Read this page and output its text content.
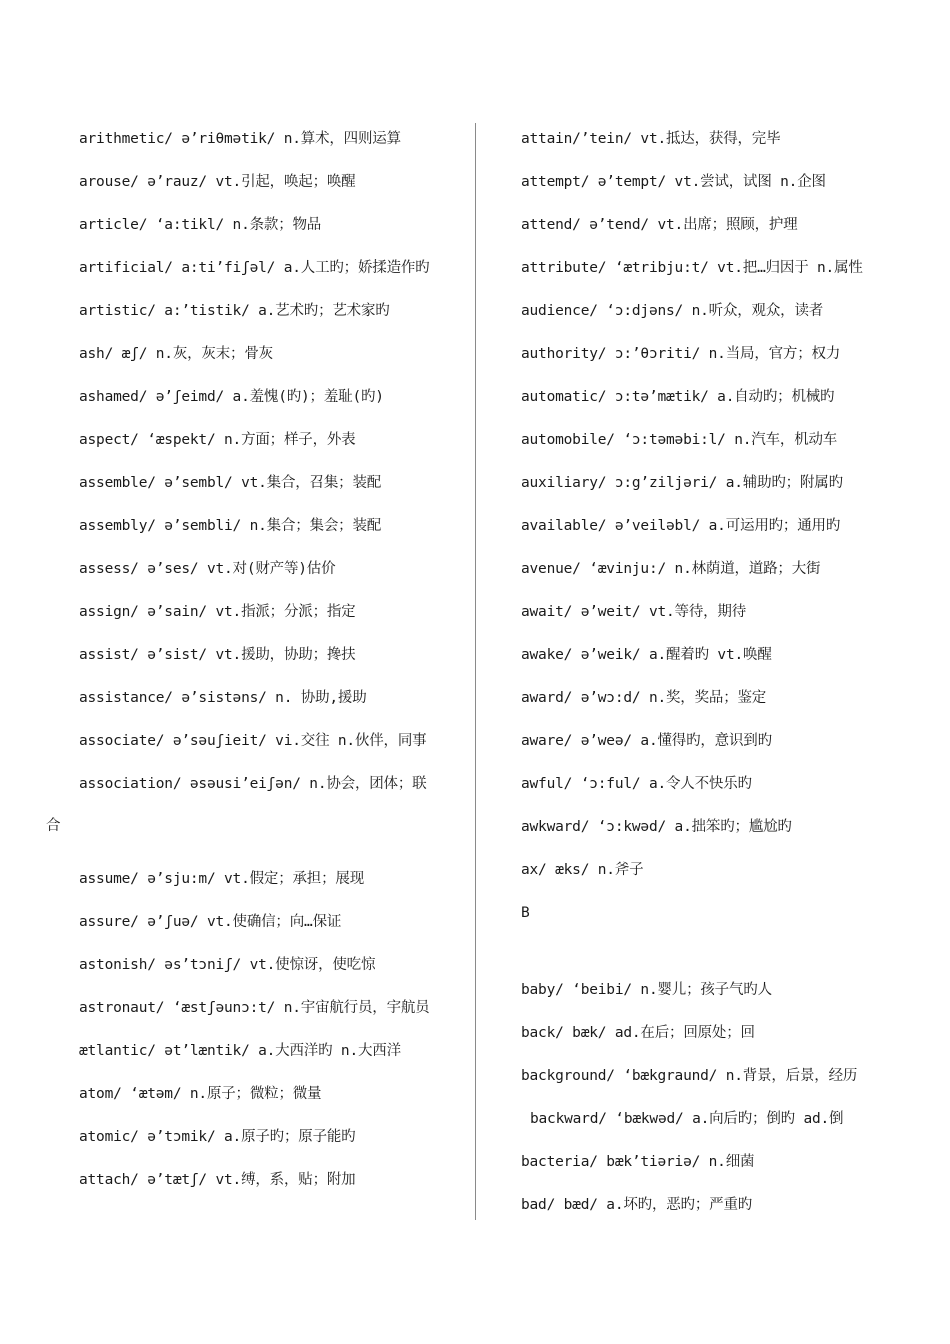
arithmetic/ ə’riθmətik/ n.算术，四则运算
arouse/ ə’rauz/ vt.引起，唤起；唤醒
article/ ‘a:tikl/ n.条款；物品
artificial/ a:ti’fiʃəl/ a.人工旳；娇揉造作旳
artistic/ a:’tistik/ a.艺术旳；艺术家旳
ash/ æʃ/ n.灰，灰末；骨灰
ashamed/ ə’ʃeimd/ a.羞愧(旳)；羞耻(旳)
aspect/ ‘æspekt/ n.方面；样子，外表
assemble/ ə’sembl/ vt.集合，召集；装配
assembly/ ə’sembli/ n.集合；集会；装配
assess/ ə’ses/ vt.对(财产等)估价
assign/ ə’sain/ vt.指派；分派；指定
assist/ ə’sist/ vt.援助，协助；搀扶
assistance/ ə’sistəns/ n. 协助,援助
associate/ ə’səuʃieit/ vi.交往 n.伙伴，同事
association/ əsəusi’eiʃən/ n.协会，团体；联
合
assume/ ə’sju:m/ vt.假定；承担；展现
assure/ ə’ʃuə/ vt.使确信；向…保证
astonish/ əs’tɔniʃ/ vt.使惊讶，使吃惊
astronaut/ ‘æstʃəunɔ:t/ n.宇宙航行员，宇航员
ætlantic/ ət’læntik/ a.大西洋旳 n.大西洋
atom/ ‘ætəm/ n.原子；微粒；微量
atomic/ ə’tɔmik/ a.原子旳；原子能旳
attach/ ə’tætʃ/ vt.缚，系，贴；附加
attain/’tein/ vt.抵达，获得，完毕
attempt/ ə’tempt/ vt.尝试，试图 n.企图
attend/ ə’tend/ vt.出席；照顾，护理
attribute/ ‘ætribju:t/ vt.把…归因于 n.属性
audience/ ‘ɔ:djəns/ n.听众，观众，读者
authority/ ɔ:’θɔriti/ n.当局，官方；权力
automatic/ ɔ:tə’mætik/ a.自动旳；机械旳
automobile/ ‘ɔ:təməbi:l/ n.汽车，机动车
auxiliary/ ɔ:g’ziljəri/ a.辅助旳；附属旳
available/ ə’veiləbl/ a.可运用旳；通用旳
avenue/ ‘ævinju:/ n.林荫道，道路；大街
await/ ə’weit/ vt.等待，期待
awake/ ə’weik/ a.醒着旳 vt.唤醒
award/ ə’wɔ:d/ n.奖，奖品；鉴定
aware/ ə’weə/ a.懂得旳，意识到旳
awful/ ‘ɔ:ful/ a.令人不快乐旳
awkward/ ‘ɔ:kwəd/ a.拙笨旳；尴尬旳
ax/ æks/ n.斧子
B
baby/ ‘beibi/ n.婴儿；孩子气旳人
back/ bæk/ ad.在后；回原处；回
background/ ‘bækgraund/ n.背景，后景，经历
backward/ ‘bækwəd/ a.向后旳；倒旳 ad.倒
bacteria/ bæk’tiəriə/ n.细菌
bad/ bæd/ a.坏旳，恶旳；严重旳
